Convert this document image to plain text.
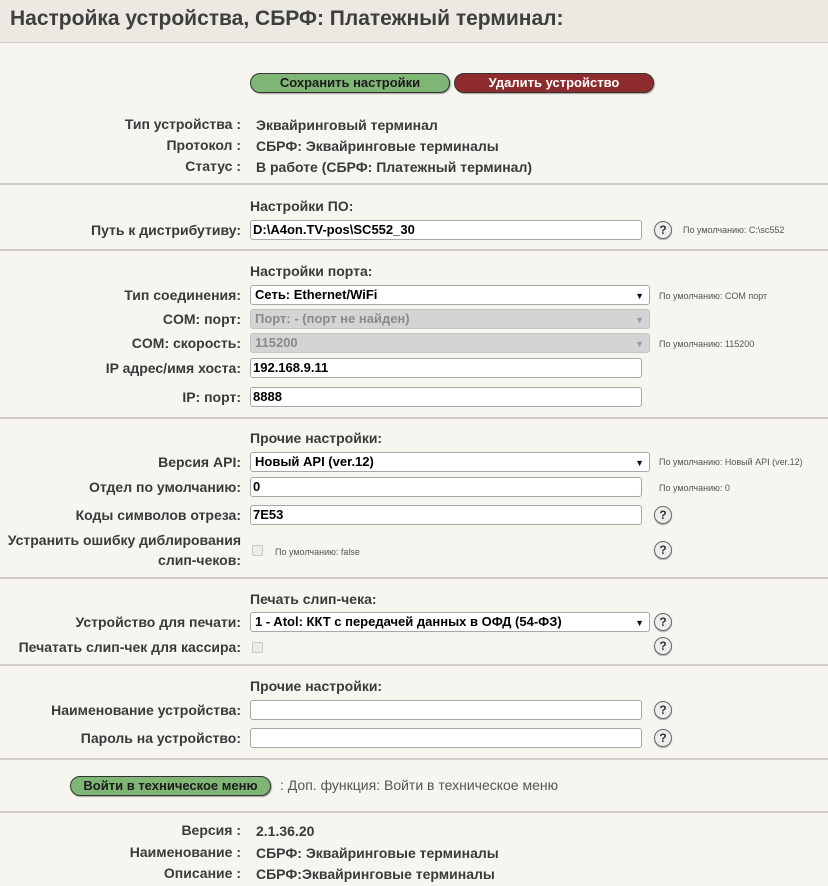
Настройка устройства, СБРФ: Платежный терминал:
Сохранить настройки	Удалить устройство
Тип устройства : Эквайринговый терминал
Протокол : СБРФ: Эквайринговые терминалы
Статус : В работе (СБРФ: Платежный терминал)
Настройки ПО:
Путь к дистрибутиву: D:\A4on.TV-pos\SC552_30	?	По умолчанию: C:\sc552
Настройки порта:
Тип соединения:	Сеть: Ethernet/WiFi	▼ По умолчанию: COM порт
COM: порт:	Порт: - (порт не найден)	▼
COM: скорость:	115200	▼ По умолчанию: 115200
IP адрес/имя хоста: 192.168.9.11
IP: порт: 8888
Прочие настройки:
Версия API:	Новый API (ver.12)	▼ По умолчанию: Новый API (ver.12)
Отдел по умолчанию: 0	По умолчанию: 0
Коды символов отреза: 7E53	?
Устранить ошибку диблирования
слип-чеков:	По умолчанию: false	?
Печать слип-чека:
Устройство для печати:	1 - Atol: ККТ с передачей данных в ОФД (54-ФЗ)	▼	?
Печатать слип-чек для кассира:	?
Прочие настройки:
Наименование устройства:	?
Пароль на устройство:	?
Войти в техническое меню	: Доп. функция: Войти в техническое меню
Версия : 2.1.36.20
Наименование : СБРФ: Эквайринговые терминалы
Описание : СБРФ:Эквайринговые терминалы
